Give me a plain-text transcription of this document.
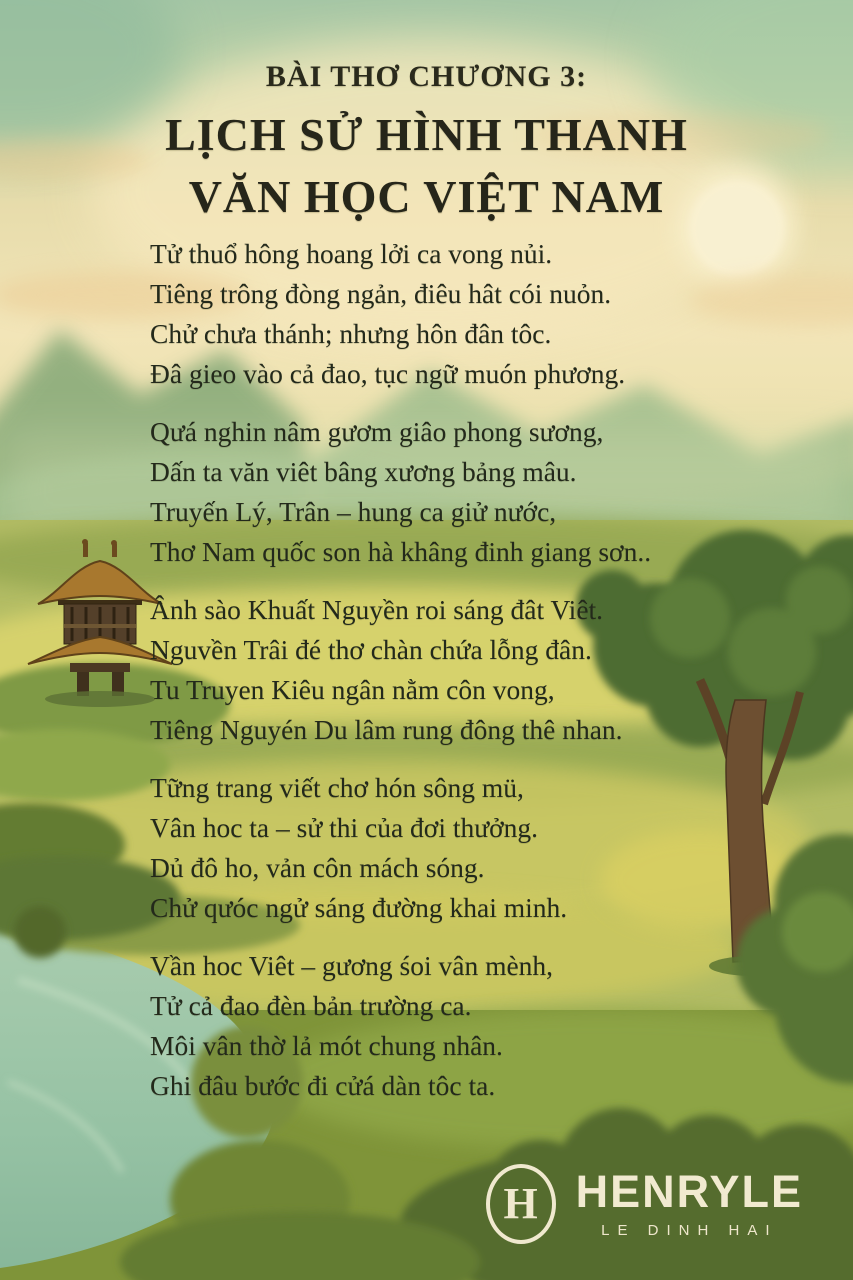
BÀI THƠ CHƯƠNG 3:
LỊCH SỬ HÌNH THANH
VĂN HỌC VIỆT NAM

Tử thuổ hông hoang lởi ca vong nủi.

Tiêng trông đòng ngản, điêu hât cói nuỏn.

Chử chưa thánh; nhưng hôn đân tôc.

Đâ gieo vào cả đao, tục ngữ muón phương.

Qưá nghin nâm gươm giâo phong sương,

Dấn ta văn viêt bâng xương bảng mâu.

Truyến Lý, Trân – hung ca giử nước,

Thơ Nam quốc son hà khâng đinh giang sơn..

Ânh sào Khuất Nguyền roi sáng đât Viêt.

Nguvền Trâi đé thơ chàn chứa lỗng đân.

Tu Truyen Kiêu ngân nằm côn vong,

Tiêng Nguyén Du lâm rung đông thê nhan.

Tững trang viết chơ hón sông mü,

Vân hoc ta – sử thi của đơi thưởng.

Dủ đô ho, vản côn mách sóng.

Chử qưóc ngử sáng đường khai minh.

Vần hoc Viêt – gương śoi vân mènh,

Tử cả đao đèn bản trường ca.

Môi vân thờ lả mót chung nhân.

Ghi đâu bước đi cửá dàn tôc ta.

H HENRYLE
LE DINH HAI
